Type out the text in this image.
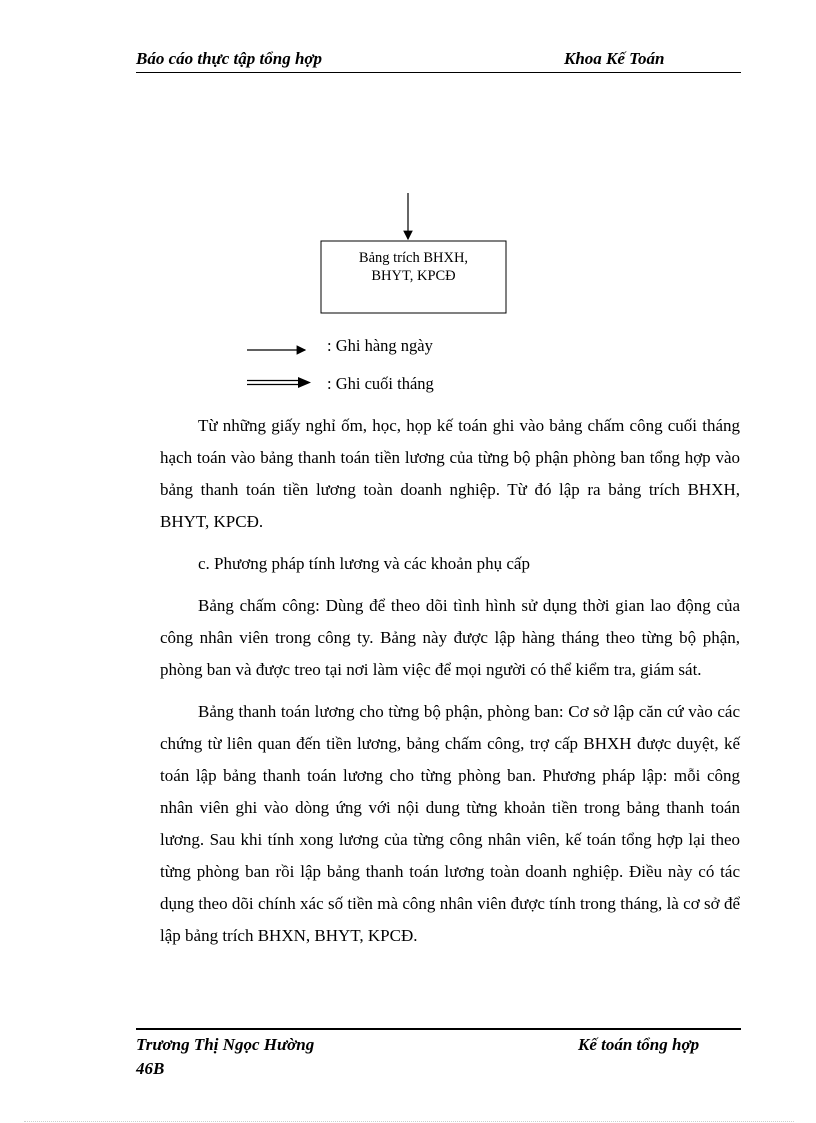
Báo cáo thực tập tổng hợp	Khoa Kế Toán
Bảng trích BHXH,
BHYT, KPCĐ
: Ghi hàng ngày
: Ghi cuối tháng

Từ những giấy nghỉ ốm, học, họp kế toán ghi vào bảng chấm công cuối tháng hạch toán vào bảng thanh toán tiền lương của từng bộ phận phòng ban tổng hợp vào bảng thanh toán tiền lương toàn doanh nghiệp. Từ đó lập ra bảng trích BHXH, BHYT, KPCĐ.

c. Phương pháp tính lương và các khoản phụ cấp

Bảng chấm công: Dùng để theo dõi tình hình sử dụng thời gian lao động của công nhân viên trong công ty. Bảng này được lập hàng tháng theo từng bộ phận, phòng ban và được treo tại nơi làm việc để mọi người có thể kiểm tra, giám sát.

Bảng thanh toán lương cho từng bộ phận, phòng ban: Cơ sở lập căn cứ vào các chứng từ liên quan đến tiền lương, bảng chấm công, trợ cấp BHXH được duyệt, kế toán lập bảng thanh toán lương cho từng phòng ban. Phương pháp lập: mỗi công nhân viên ghi vào dòng ứng với nội dung từng khoản tiền trong bảng thanh toán lương. Sau khi tính xong lương của từng công nhân viên, kế toán tổng hợp lại theo từng phòng ban rồi lập bảng thanh toán lương toàn doanh nghiệp. Điều này có tác dụng theo dõi chính xác số tiền mà công nhân viên được tính trong tháng, là cơ sở để lập bảng trích BHXN, BHYT, KPCĐ.

Trương Thị Ngọc Hường
46B
Kế toán tổng hợp
